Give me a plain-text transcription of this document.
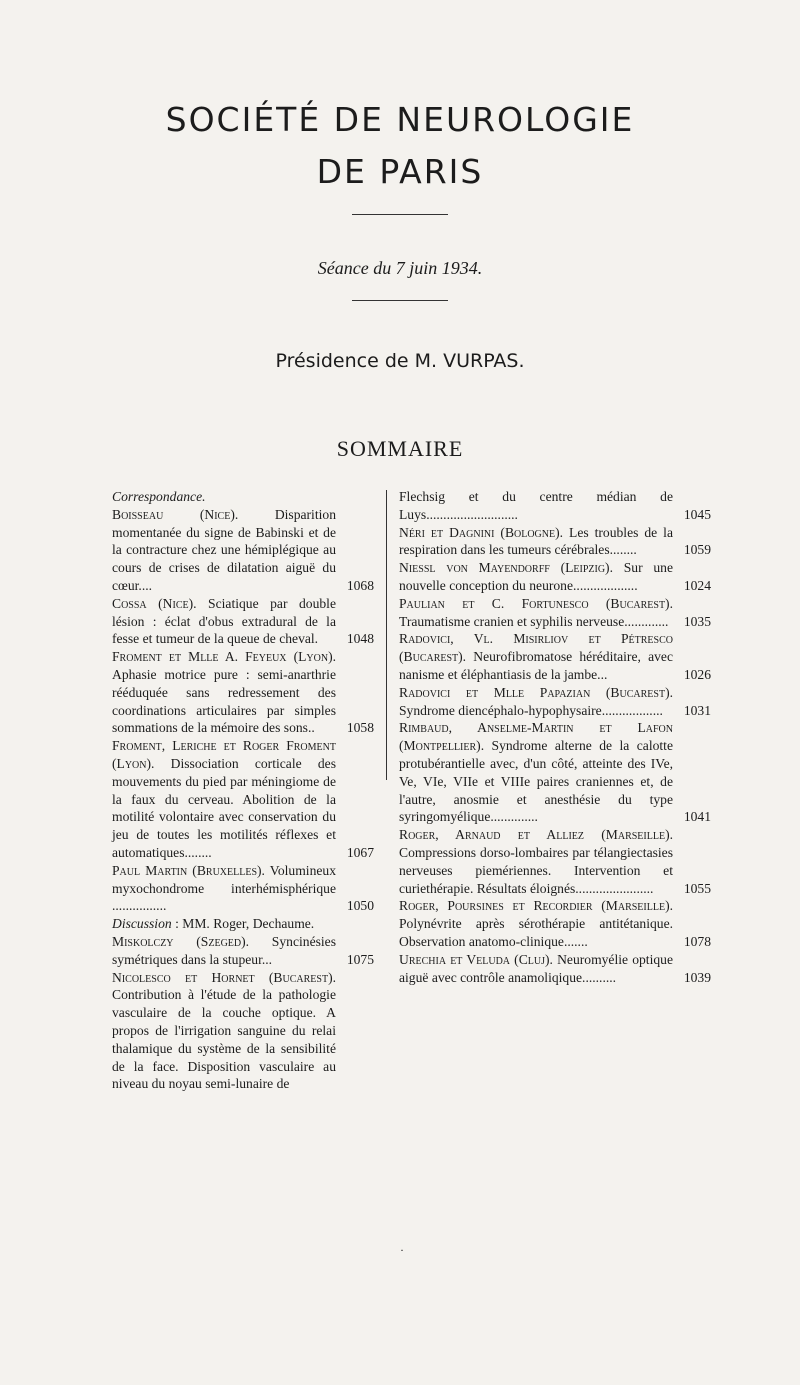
SOCIÉTÉ DE NEUROLOGIE
DE PARIS
Séance du 7 juin 1934.
Présidence de M. VURPAS.
SOMMAIRE
Correspondance.
Boisseau (Nice). Disparition momentanée du signe de Babinski et de la contracture chez une hémiplégique au cours de crises de dilatation aiguë du cœur....	1068
Cossa (Nice). Sciatique par double lésion : éclat d'obus extradural de la fesse et tumeur de la queue de cheval.	1048
Froment et Mlle A. Feyeux (Lyon). Aphasie motrice pure : semi-anarthrie rééduquée sans redressement des coordinations articulaires par simples sommations de la mémoire des sons..	1058
Froment, Leriche et Roger Froment (Lyon). Dissociation corticale des mouvements du pied par méningiome de la faux du cerveau. Abolition de la motilité volontaire avec conservation du jeu de toutes les motilités réflexes et automatiques........	1067
Paul Martin (Bruxelles). Volumineux myxochondrome interhémisphérique ................	1050
Discussion : MM. Roger, Dechaume.
Miskolczy (Szeged). Syncinésies symétriques dans la stupeur...	1075
Nicolesco et Hornet (Bucarest). Contribution à l'étude de la pathologie vasculaire de la couche optique. A propos de l'irrigation sanguine du relai thalamique du système de la sensibilité de la face. Disposition vasculaire au niveau du noyau semi-lunaire de
Flechsig et du centre médian de Luys...........................	1045
Néri et Dagnini (Bologne). Les troubles de la respiration dans les tumeurs cérébrales........	1059
Niessl von Mayendorff (Leipzig). Sur une nouvelle conception du neurone...................	1024
Paulian et C. Fortunesco (Bucarest). Traumatisme cranien et syphilis nerveuse.............	1035
Radovici, Vl. Misirliov et Pétresco (Bucarest). Neurofibromatose héréditaire, avec nanisme et éléphantiasis de la jambe...	1026
Radovici et Mlle Papazian (Bucarest). Syndrome diencéphalo-hypophysaire..................	1031
Rimbaud, Anselme-Martin et Lafon (Montpellier). Syndrome alterne de la calotte protubérantielle avec, d'un côté, atteinte des IVe, Ve, VIe, VIIe et VIIIe paires craniennes et, de l'autre, anosmie et anesthésie du type syringomyélique..............	1041
Roger, Arnaud et Alliez (Marseille). Compressions dorso-lombaires par télangiectasies nerveuses piemériennes. Intervention et curiethérapie. Résultats éloignés.......................	1055
Roger, Poursines et Recordier (Marseille). Polynévrite après sérothérapie antitétanique. Observation anatomo-clinique.......	1078
Urechia et Veluda (Cluj). Neuromyélie optique aiguë avec contrôle anamoliqique..........	1039
·
